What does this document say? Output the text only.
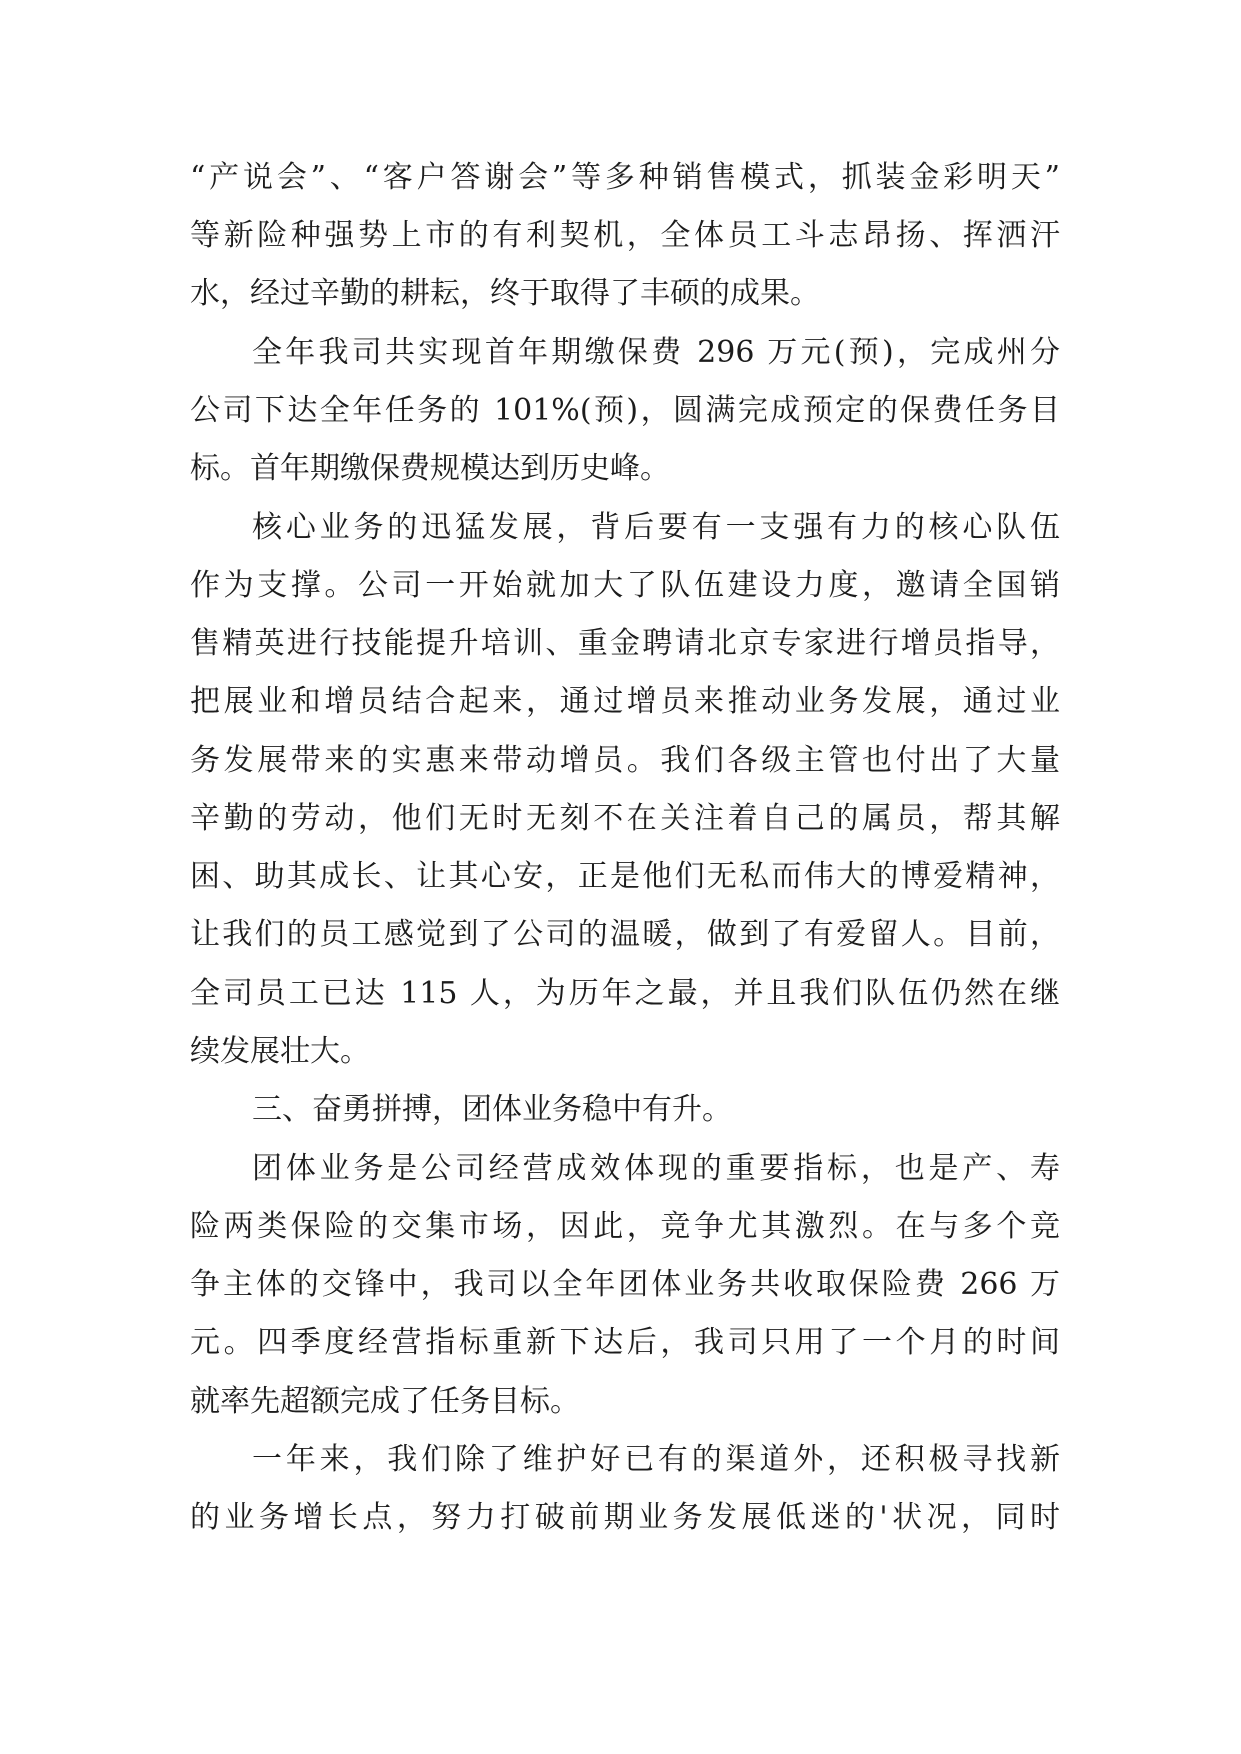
“产说会”、“客户答谢会”等多种销售模式，抓装金彩明天”
等新险种强势上市的有利契机，全体员工斗志昂扬、挥洒汗
水，经过辛勤的耕耘，终于取得了丰硕的成果。
全年我司共实现首年期缴保费 296 万元(预)，完成州分
公司下达全年任务的 101%(预)，圆满完成预定的保费任务目
标。首年期缴保费规模达到历史峰。
核心业务的迅猛发展，背后要有一支强有力的核心队伍
作为支撑。公司一开始就加大了队伍建设力度，邀请全国销
售精英进行技能提升培训、重金聘请北京专家进行增员指导，
把展业和增员结合起来，通过增员来推动业务发展，通过业
务发展带来的实惠来带动增员。我们各级主管也付出了大量
辛勤的劳动，他们无时无刻不在关注着自己的属员，帮其解
困、助其成长、让其心安，正是他们无私而伟大的博爱精神，
让我们的员工感觉到了公司的温暖，做到了有爱留人。目前，
全司员工已达 115 人，为历年之最，并且我们队伍仍然在继
续发展壮大。
三、奋勇拼搏，团体业务稳中有升。
团体业务是公司经营成效体现的重要指标，也是产、寿
险两类保险的交集市场，因此，竞争尤其激烈。在与多个竞
争主体的交锋中，我司以全年团体业务共收取保险费 266 万
元。四季度经营指标重新下达后，我司只用了一个月的时间
就率先超额完成了任务目标。
一年来，我们除了维护好已有的渠道外，还积极寻找新
的业务增长点，努力打破前期业务发展低迷的'状况，同时
